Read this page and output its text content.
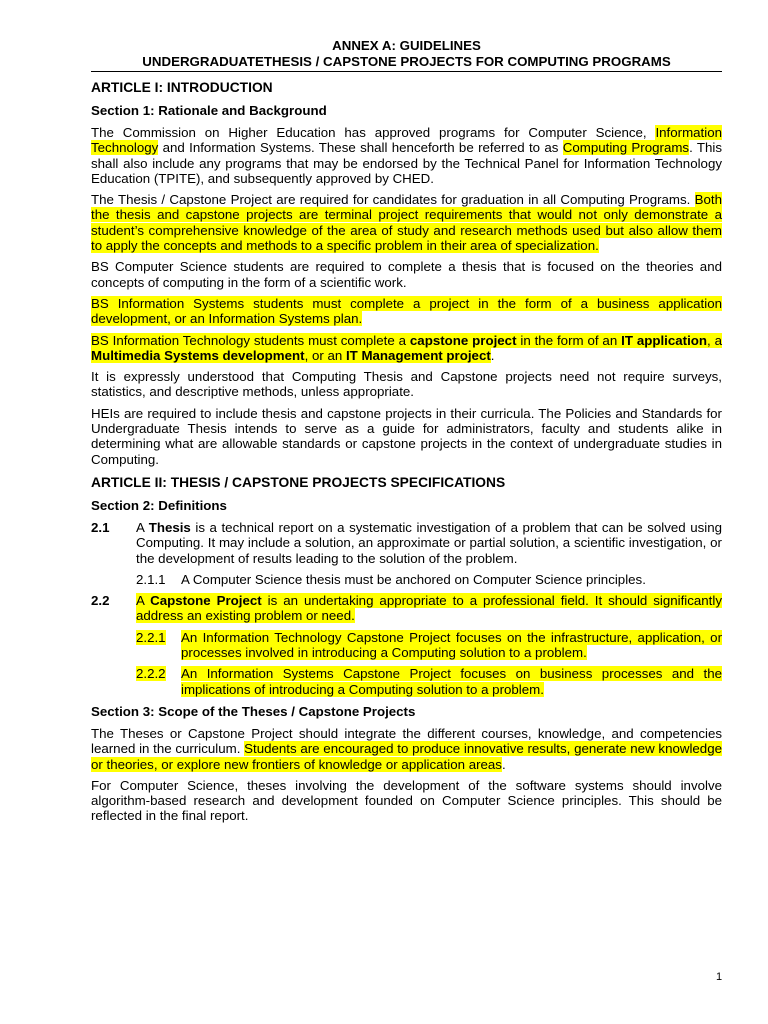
ANNEX A: GUIDELINES
UNDERGRADUATETHESIS / CAPSTONE PROJECTS FOR COMPUTING PROGRAMS
ARTICLE I: INTRODUCTION
Section 1: Rationale and Background

The Commission on Higher Education has approved programs for Computer Science, Information Technology and Information Systems. These shall henceforth be referred to as Computing Programs. This shall also include any programs that may be endorsed by the Technical Panel for Information Technology Education (TPITE), and subsequently approved by CHED.

The Thesis / Capstone Project are required for candidates for graduation in all Computing Programs. Both the thesis and capstone projects are terminal project requirements that would not only demonstrate a student’s comprehensive knowledge of the area of study and research methods used but also allow them to apply the concepts and methods to a specific problem in their area of specialization.

BS Computer Science students are required to complete a thesis that is focused on the theories and concepts of computing in the form of a scientific work.

BS Information Systems students must complete a project in the form of a business application development, or an Information Systems plan.

BS Information Technology students must complete a capstone project in the form of an IT application, a Multimedia Systems development, or an IT Management project.

It is expressly understood that Computing Thesis and Capstone projects need not require surveys, statistics, and descriptive methods, unless appropriate.

HEIs are required to include thesis and capstone projects in their curricula. The Policies and Standards for Undergraduate Thesis intends to serve as a guide for administrators, faculty and students alike in determining what are allowable standards or capstone projects in the context of undergraduate studies in Computing.

ARTICLE II: THESIS / CAPSTONE PROJECTS SPECIFICATIONS
Section 2: Definitions
2.1	A Thesis is a technical report on a systematic investigation of a problem that can be solved using Computing. It may include a solution, an approximate or partial solution, a scientific investigation, or the development of results leading to the solution of the problem.
2.1.1	A Computer Science thesis must be anchored on Computer Science principles.
2.2	A Capstone Project is an undertaking appropriate to a professional field. It should significantly address an existing problem or need.
2.2.1	An Information Technology Capstone Project focuses on the infrastructure, application, or processes involved in introducing a Computing solution to a problem.
2.2.2	An Information Systems Capstone Project focuses on business processes and the implications of introducing a Computing solution to a problem.
Section 3: Scope of the Theses / Capstone Projects

The Theses or Capstone Project should integrate the different courses, knowledge, and competencies learned in the curriculum. Students are encouraged to produce innovative results, generate new knowledge or theories, or explore new frontiers of knowledge or application areas.

For Computer Science, theses involving the development of the software systems should involve algorithm-based research and development founded on Computer Science principles. This should be reflected in the final report.

1
